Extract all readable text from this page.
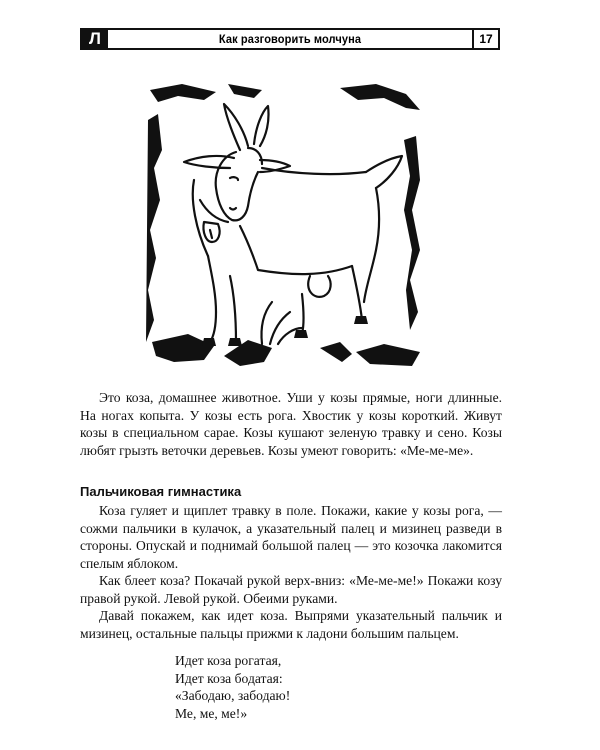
Л	Как разговорить молчуна	17
Это коза, домашнее животное. Уши у козы прямые, ноги длинные. На ногах копыта. У козы есть рога. Хвостик у козы короткий. Живут козы в специальном сарае. Козы кушают зеленую травку и сено. Козы любят грызть веточки деревьев. Козы умеют говорить: «Ме-ме-ме».
Пальчиковая гимнастика

Коза гуляет и щиплет травку в поле. Покажи, какие у козы рога, — сожми пальчики в кулачок, а указательный палец и мизинец разведи в стороны. Опускай и поднимай большой палец — это козочка лакомится спелым яблоком.

Как блеет коза? Покачай рукой верх-вниз: «Ме-ме-ме!» Покажи козу правой рукой. Левой рукой. Обеими руками.

Давай покажем, как идет коза. Выпрями указательный пальчик и мизинец, остальные пальцы прижми к ладони большим пальцем.

Идет коза рогатая,
Идет коза бодатая:
«Забодаю, забодаю!
Ме, ме, ме!»
